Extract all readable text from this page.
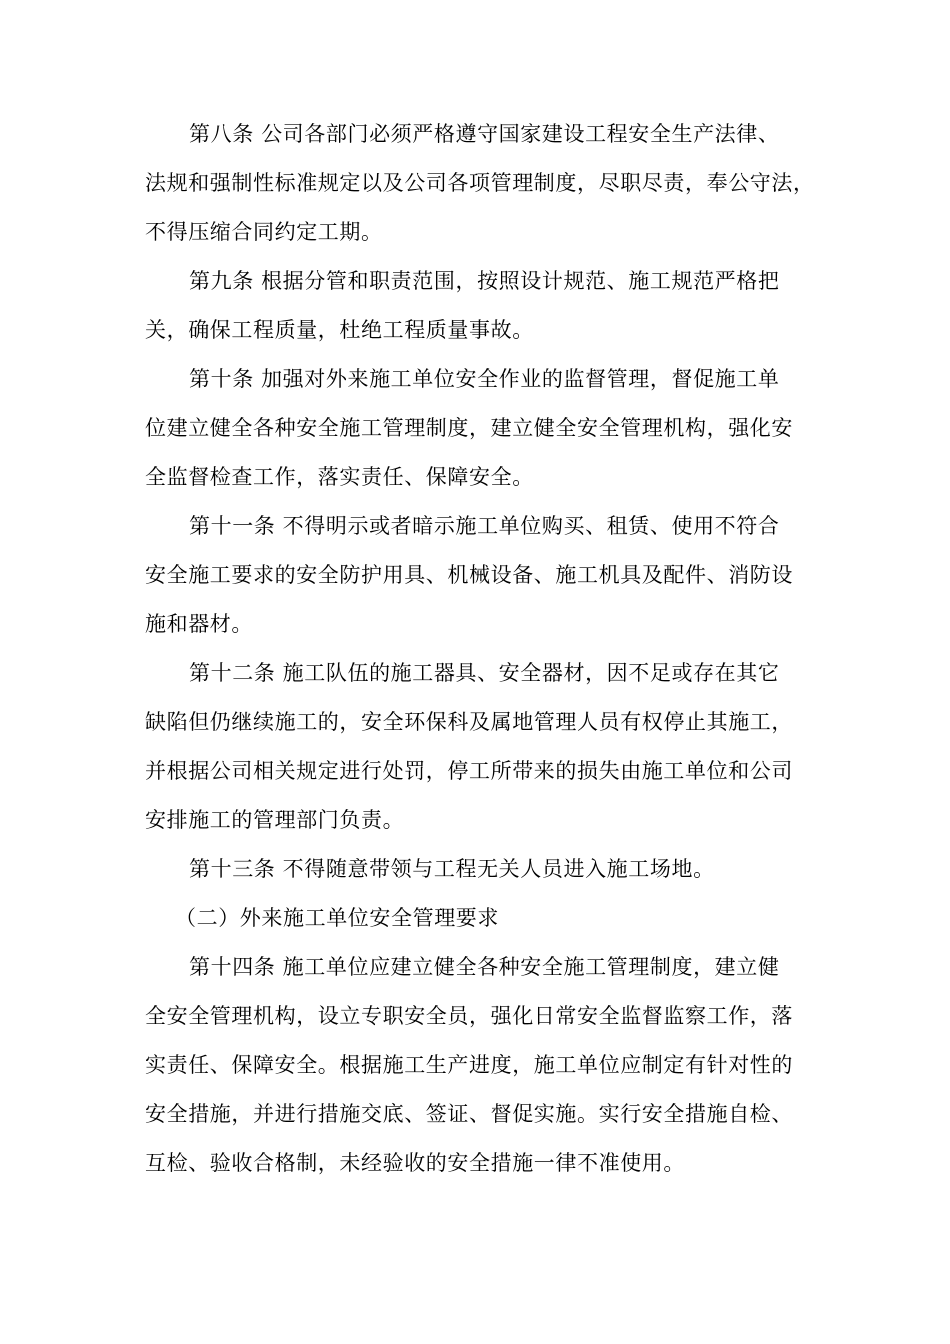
第八条 公司各部门必须严格遵守国家建设工程安全生产法律、
法规和强制性标准规定以及公司各项管理制度，尽职尽责，奉公守法，
不得压缩合同约定工期。
第九条 根据分管和职责范围，按照设计规范、施工规范严格把
关，确保工程质量，杜绝工程质量事故。
第十条 加强对外来施工单位安全作业的监督管理，督促施工单
位建立健全各种安全施工管理制度，建立健全安全管理机构，强化安
全监督检查工作，落实责任、保障安全。
第十一条 不得明示或者暗示施工单位购买、租赁、使用不符合
安全施工要求的安全防护用具、机械设备、施工机具及配件、消防设
施和器材。
第十二条 施工队伍的施工器具、安全器材，因不足或存在其它
缺陷但仍继续施工的，安全环保科及属地管理人员有权停止其施工，
并根据公司相关规定进行处罚，停工所带来的损失由施工单位和公司
安排施工的管理部门负责。
第十三条 不得随意带领与工程无关人员进入施工场地。
（二）外来施工单位安全管理要求
第十四条 施工单位应建立健全各种安全施工管理制度，建立健
全安全管理机构，设立专职安全员，强化日常安全监督监察工作，落
实责任、保障安全。根据施工生产进度，施工单位应制定有针对性的
安全措施，并进行措施交底、签证、督促实施。实行安全措施自检、
互检、验收合格制，未经验收的安全措施一律不准使用。
